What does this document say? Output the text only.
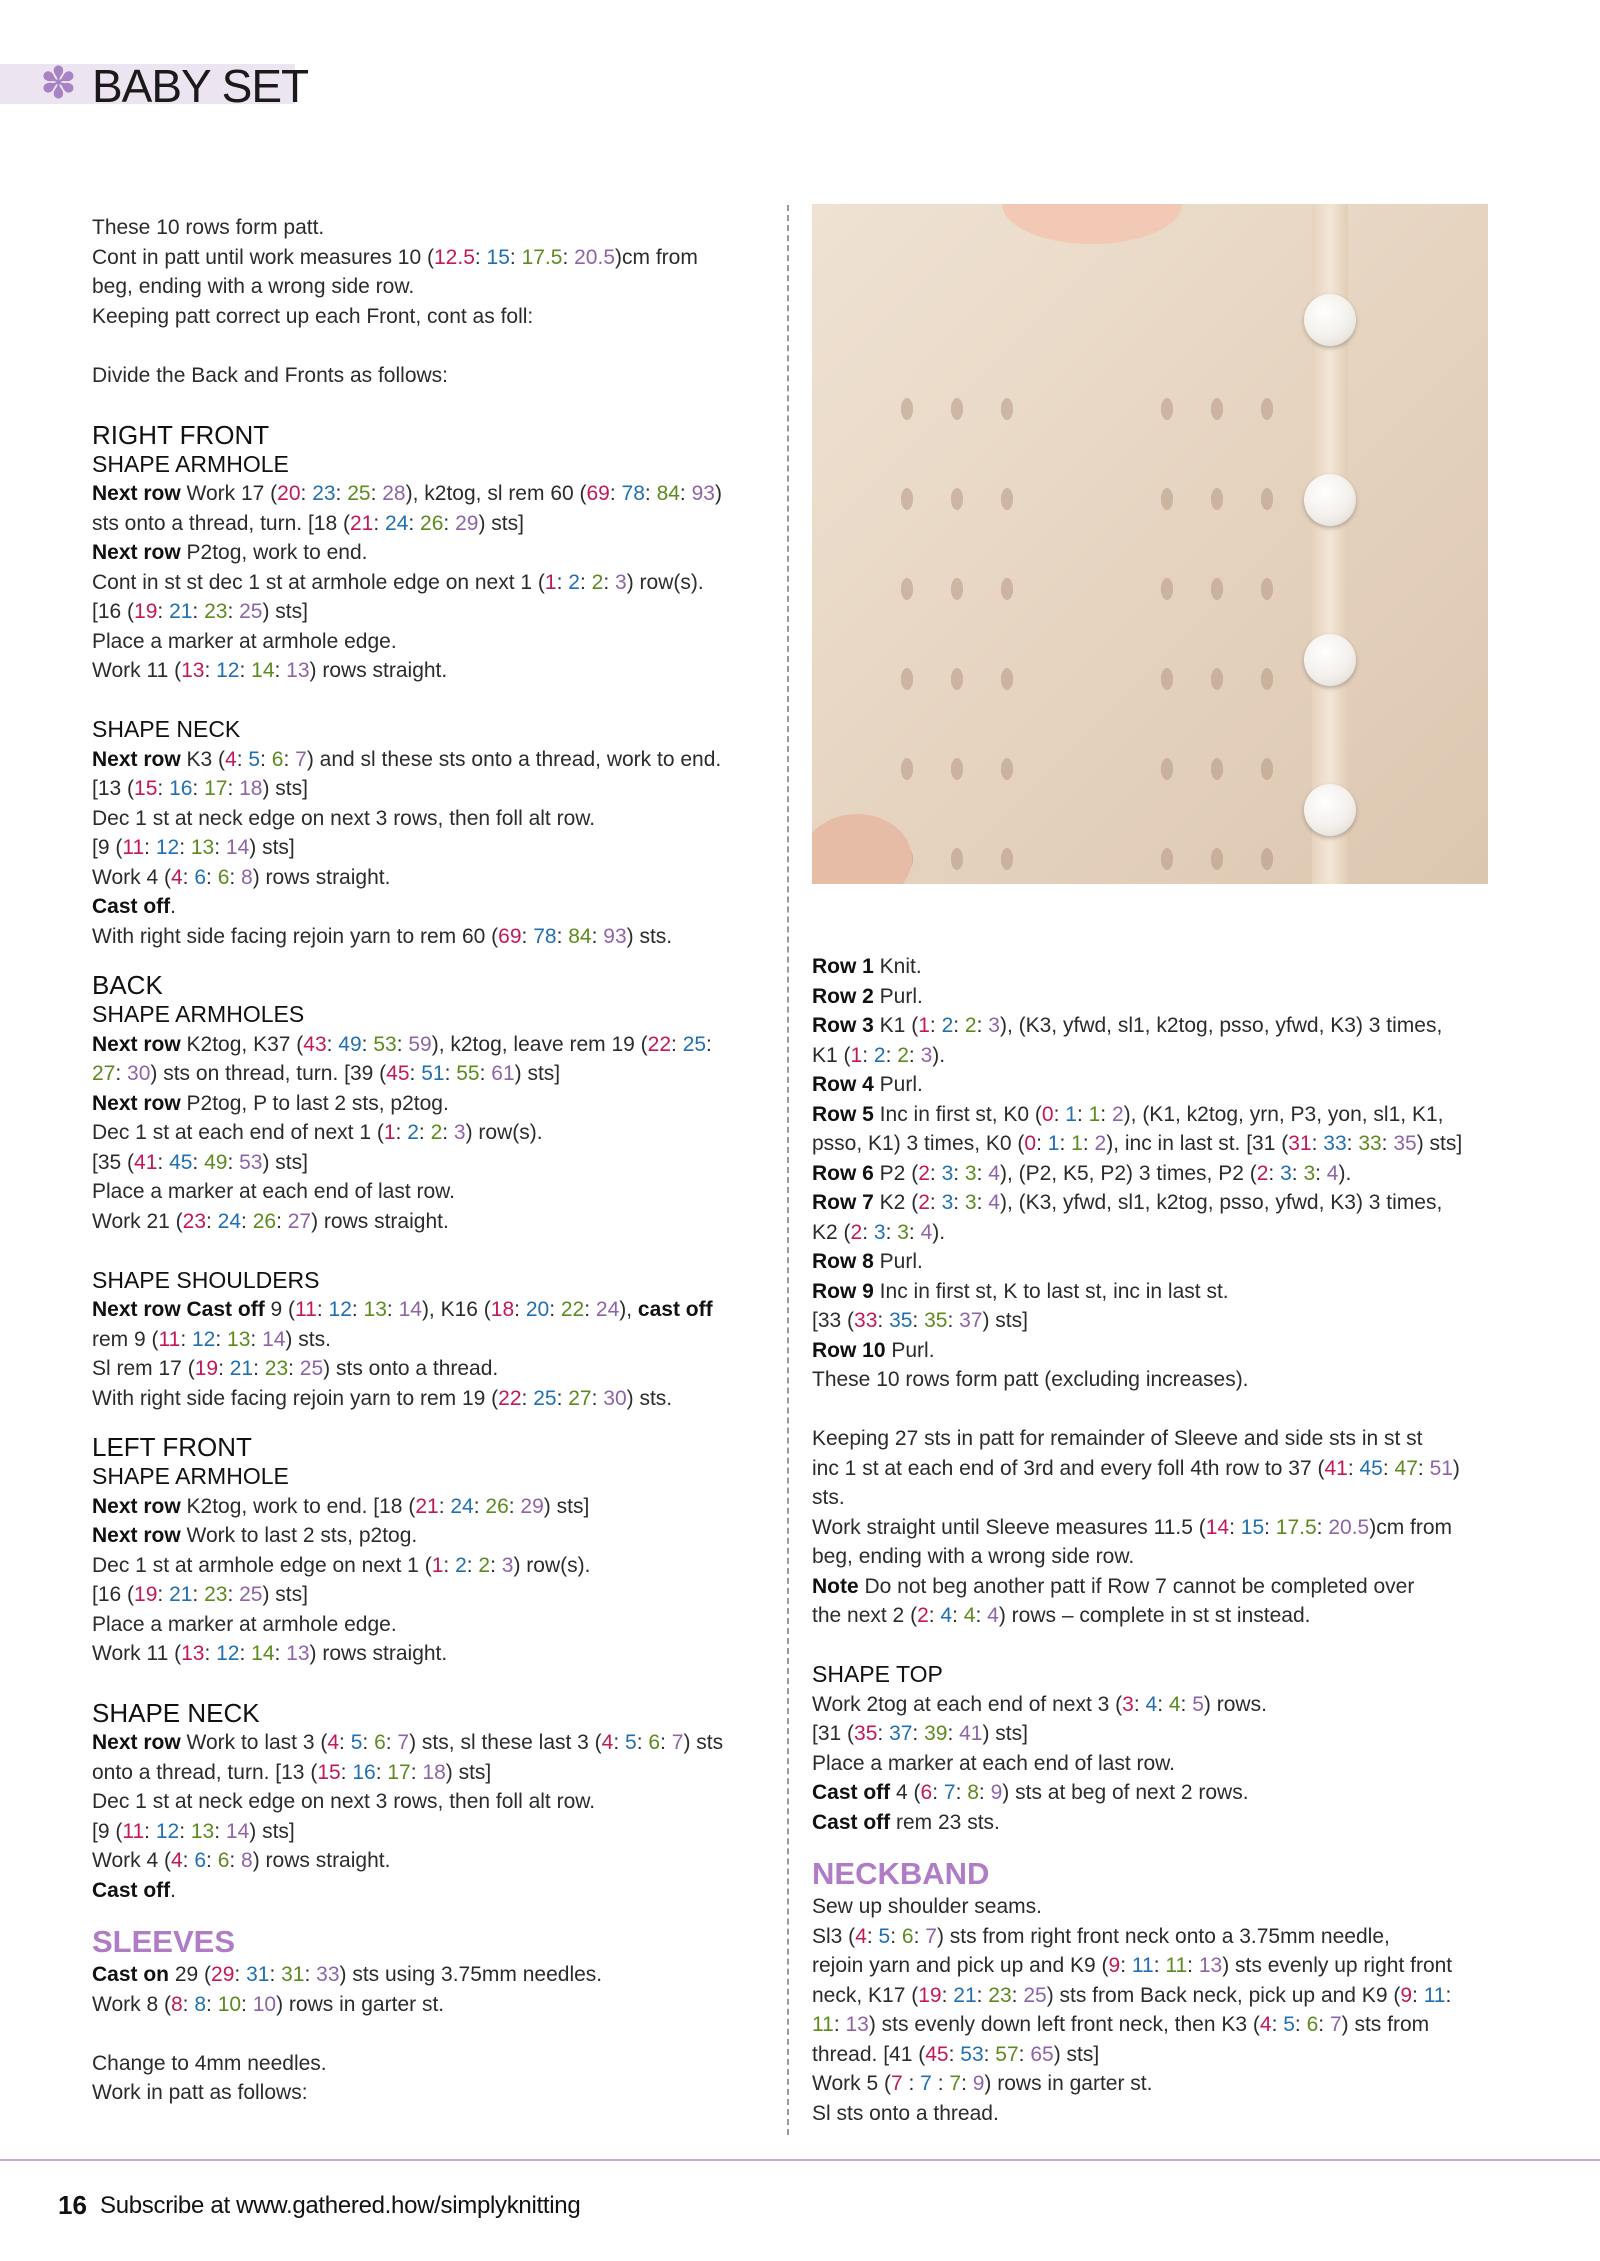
✽ BABY SET

These 10 rows form patt.

Cont in patt until work measures 10 (12.5: 15: 17.5: 20.5)cm from

beg, ending with a wrong side row.

Keeping patt correct up each Front, cont as foll:

Divide the Back and Fronts as follows:

RIGHT FRONT
SHAPE ARMHOLE

Next row Work 17 (20: 23: 25: 28), k2tog, sl rem 60 (69: 78: 84: 93)

sts onto a thread, turn. [18 (21: 24: 26: 29) sts]

Next row P2tog, work to end.

Cont in st st dec 1 st at armhole edge on next 1 (1: 2: 2: 3) row(s).

[16 (19: 21: 23: 25) sts]

Place a marker at armhole edge.

Work 11 (13: 12: 14: 13) rows straight.

SHAPE NECK

Next row K3 (4: 5: 6: 7) and sl these sts onto a thread, work to end.

[13 (15: 16: 17: 18) sts]

Dec 1 st at neck edge on next 3 rows, then foll alt row.

[9 (11: 12: 13: 14) sts]

Work 4 (4: 6: 6: 8) rows straight.

Cast off.

With right side facing rejoin yarn to rem 60 (69: 78: 84: 93) sts.

BACK
SHAPE ARMHOLES

Next row K2tog, K37 (43: 49: 53: 59), k2tog, leave rem 19 (22: 25:

27: 30) sts on thread, turn. [39 (45: 51: 55: 61) sts]

Next row P2tog, P to last 2 sts, p2tog.

Dec 1 st at each end of next 1 (1: 2: 2: 3) row(s).

[35 (41: 45: 49: 53) sts]

Place a marker at each end of last row.

Work 21 (23: 24: 26: 27) rows straight.

SHAPE SHOULDERS

Next row Cast off 9 (11: 12: 13: 14), K16 (18: 20: 22: 24), cast off

rem 9 (11: 12: 13: 14) sts.

Sl rem 17 (19: 21: 23: 25) sts onto a thread.

With right side facing rejoin yarn to rem 19 (22: 25: 27: 30) sts.

LEFT FRONT
SHAPE ARMHOLE

Next row K2tog, work to end. [18 (21: 24: 26: 29) sts]

Next row Work to last 2 sts, p2tog.

Dec 1 st at armhole edge on next 1 (1: 2: 2: 3) row(s).

[16 (19: 21: 23: 25) sts]

Place a marker at armhole edge.

Work 11 (13: 12: 14: 13) rows straight.

SHAPE NECK

Next row Work to last 3 (4: 5: 6: 7) sts, sl these last 3 (4: 5: 6: 7) sts

onto a thread, turn. [13 (15: 16: 17: 18) sts]

Dec 1 st at neck edge on next 3 rows, then foll alt row.

[9 (11: 12: 13: 14) sts]

Work 4 (4: 6: 6: 8) rows straight.

Cast off.

SLEEVES

Cast on 29 (29: 31: 31: 33) sts using 3.75mm needles.

Work 8 (8: 8: 10: 10) rows in garter st.

Change to 4mm needles.

Work in patt as follows:

Row 1 Knit.

Row 2 Purl.

Row 3 K1 (1: 2: 2: 3), (K3, yfwd, sl1, k2tog, psso, yfwd, K3) 3 times,

K1 (1: 2: 2: 3).

Row 4 Purl.

Row 5 Inc in first st, K0 (0: 1: 1: 2), (K1, k2tog, yrn, P3, yon, sl1, K1,

psso, K1) 3 times, K0 (0: 1: 1: 2), inc in last st. [31 (31: 33: 33: 35) sts]

Row 6 P2 (2: 3: 3: 4), (P2, K5, P2) 3 times, P2 (2: 3: 3: 4).

Row 7 K2 (2: 3: 3: 4), (K3, yfwd, sl1, k2tog, psso, yfwd, K3) 3 times,

K2 (2: 3: 3: 4).

Row 8 Purl.

Row 9 Inc in first st, K to last st, inc in last st.

[33 (33: 35: 35: 37) sts]

Row 10 Purl.

These 10 rows form patt (excluding increases).

Keeping 27 sts in patt for remainder of Sleeve and side sts in st st

inc 1 st at each end of 3rd and every foll 4th row to 37 (41: 45: 47: 51)

sts.

Work straight until Sleeve measures 11.5 (14: 15: 17.5: 20.5)cm from

beg, ending with a wrong side row.

Note Do not beg another patt if Row 7 cannot be completed over

the next 2 (2: 4: 4: 4) rows – complete in st st instead.

SHAPE TOP

Work 2tog at each end of next 3 (3: 4: 4: 5) rows.

[31 (35: 37: 39: 41) sts]

Place a marker at each end of last row.

Cast off 4 (6: 7: 8: 9) sts at beg of next 2 rows.

Cast off rem 23 sts.

NECKBAND

Sew up shoulder seams.

Sl3 (4: 5: 6: 7) sts from right front neck onto a 3.75mm needle,

rejoin yarn and pick up and K9 (9: 11: 11: 13) sts evenly up right front

neck, K17 (19: 21: 23: 25) sts from Back neck, pick up and K9 (9: 11:

11: 13) sts evenly down left front neck, then K3 (4: 5: 6: 7) sts from

thread. [41 (45: 53: 57: 65) sts]

Work 5 (7 : 7 : 7: 9) rows in garter st.

Sl sts onto a thread.

16 Subscribe at www.gathered.how/simplyknitting
